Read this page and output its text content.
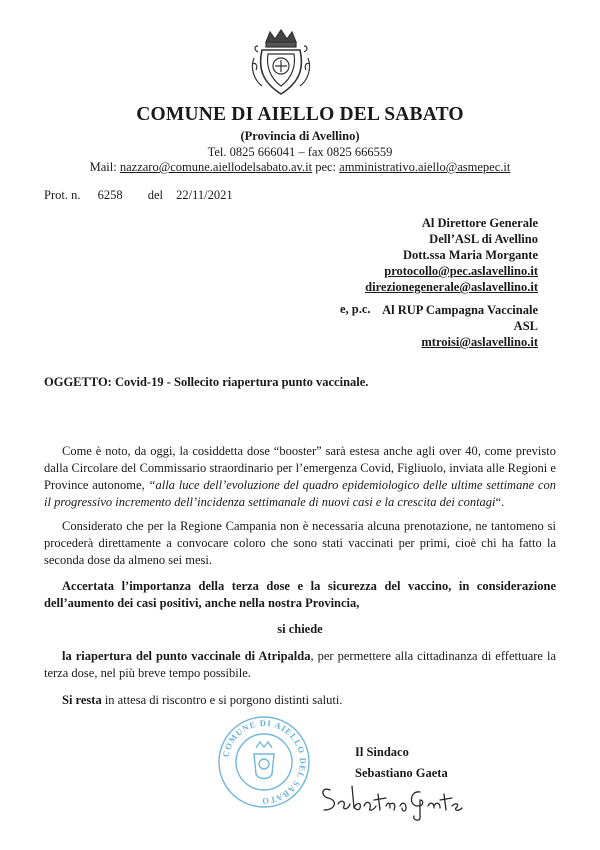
COMUNE DI AIELLO DEL SABATO
(Provincia di Avellino)
Tel. 0825 666041 – fax 0825 666559
Mail: nazzaro@comune.aiellodelsabato.av.it pec: amministrativo.aiello@asmepec.it
Prot. n. 6258 del 22/11/2021
Al Direttore Generale
Dell’ASL di Avellino
Dott.ssa Maria Morgante
protocollo@pec.aslavellino.it
direzionegenerale@aslavellino.it
e, p.c. Al RUP Campagna Vaccinale
ASL
mtroisi@aslavellino.it
OGGETTO: Covid-19 - Sollecito riapertura punto vaccinale.
Come è noto, da oggi, la cosiddetta dose “booster” sarà estesa anche agli over 40, come previsto dalla Circolare del Commissario straordinario per l’emergenza Covid, Figliuolo, inviata alle Regioni e Province autonome, “alla luce dell’evoluzione del quadro epidemiologico delle ultime settimane con il progressivo incremento dell’incidenza settimanale di nuovi casi e la crescita dei contagi“.
Considerato che per la Regione Campania non è necessaria alcuna prenotazione, ne tantomeno si procederà direttamente a convocare coloro che sono stati vaccinati per primi, cioè chi ha fatto la seconda dose da almeno sei mesi.
Accertata l’importanza della terza dose e la sicurezza del vaccino, in considerazione dell’aumento dei casi positivi, anche nella nostra Provincia,
si chiede
la riapertura del punto vaccinale di Atripalda, per permettere alla cittadinanza di effettuare la terza dose, nel più breve tempo possibile.
Si resta in attesa di riscontro e si porgono distinti saluti.
COMUNE DI AIELLO DEL SABATO
Il Sindaco
Sebastiano Gaeta
